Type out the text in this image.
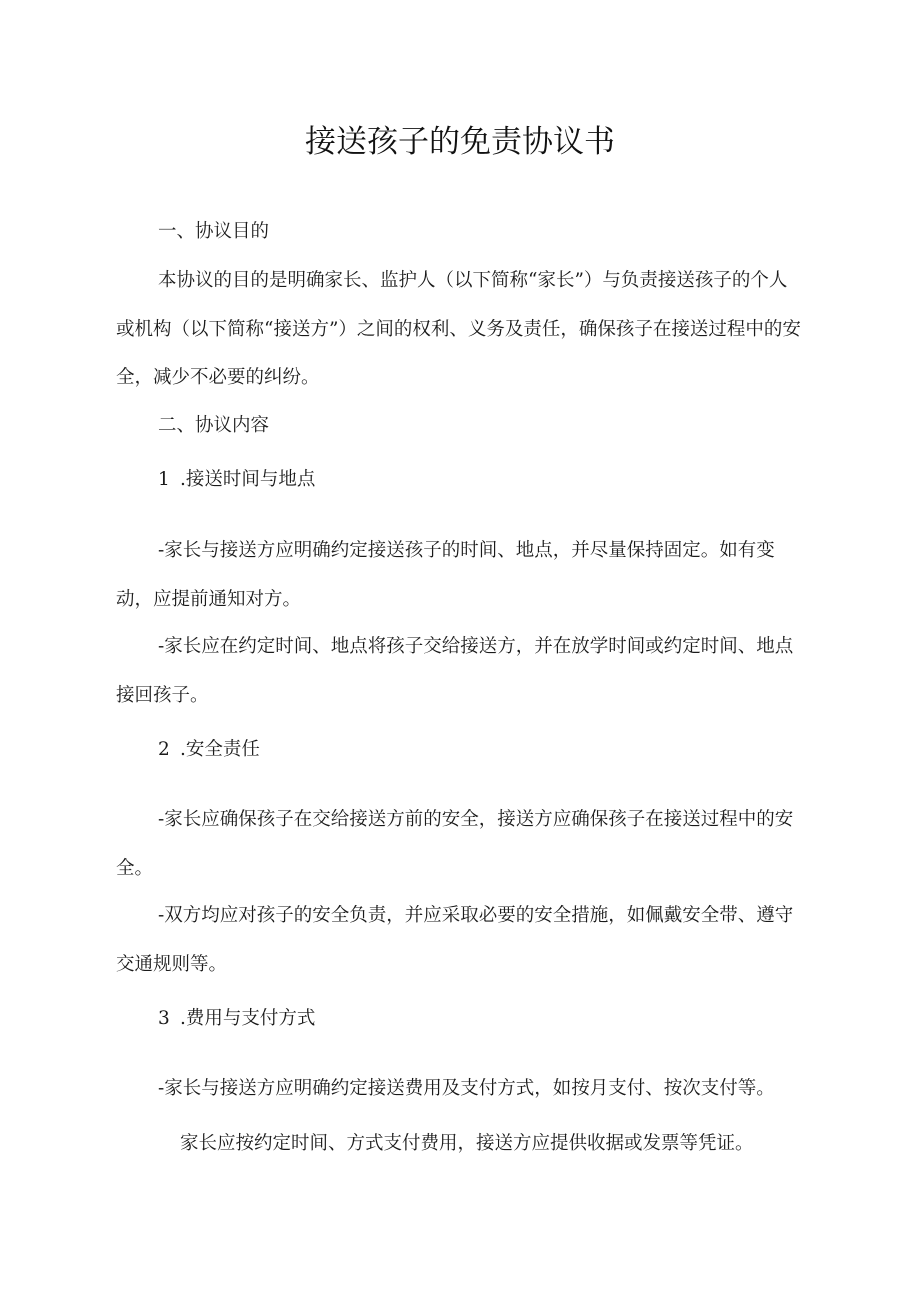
接送孩子的免责协议书

一、协议目的

本协议的目的是明确家长、监护人（以下简称“家长”）与负责接送孩子的个人或机构（以下简称“接送方”）之间的权利、义务及责任，确保孩子在接送过程中的安全，减少不必要的纠纷。

二、协议内容

1 .接送时间与地点

-家长与接送方应明确约定接送孩子的时间、地点，并尽量保持固定。如有变动，应提前通知对方。

-家长应在约定时间、地点将孩子交给接送方，并在放学时间或约定时间、地点接回孩子。

2 .安全责任

-家长应确保孩子在交给接送方前的安全，接送方应确保孩子在接送过程中的安全。

-双方均应对孩子的安全负责，并应采取必要的安全措施，如佩戴安全带、遵守交通规则等。

3 .费用与支付方式

-家长与接送方应明确约定接送费用及支付方式，如按月支付、按次支付等。

家长应按约定时间、方式支付费用，接送方应提供收据或发票等凭证。
